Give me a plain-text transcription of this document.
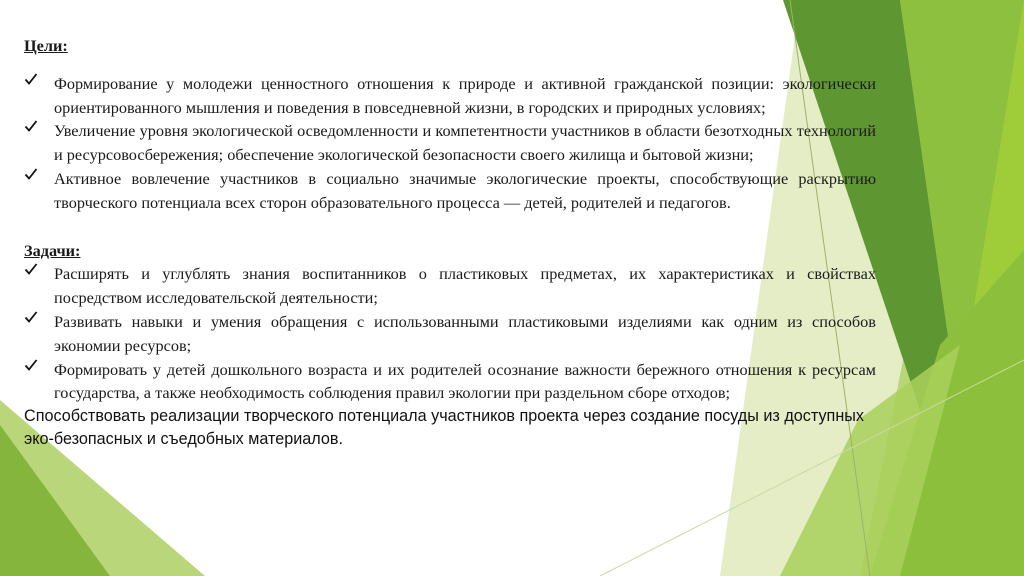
Цели:

Формирование у молодежи ценностного отношения к природе и активной гражданской позиции: экологически ориентированного мышления и поведения в повседневной жизни, в городских и природных условиях;
Увеличение уровня экологической осведомленности и компетентности участников в области безотходных технологий и ресурсовосбережения; обеспечение экологической безопасности своего жилища и бытовой жизни;
Активное вовлечение участников в социально значимые экологические проекты, способствующие раскрытию творческого потенциала всех сторон образовательного процесса — детей, родителей и педагогов.

Задачи:

Расширять и углублять знания воспитанников о пластиковых предметах, их характеристиках и свойствах посредством исследовательской деятельности;
Развивать навыки и умения обращения с использованными пластиковыми изделиями как одним из способов экономии ресурсов;
Формировать у детей дошкольного возраста и их родителей осознание важности бережного отношения к ресурсам государства, а также необходимость соблюдения правил экологии при раздельном сборе отходов;

Способствовать реализации творческого потенциала участников проекта через создание посуды из доступных эко-безопасных и съедобных материалов.
